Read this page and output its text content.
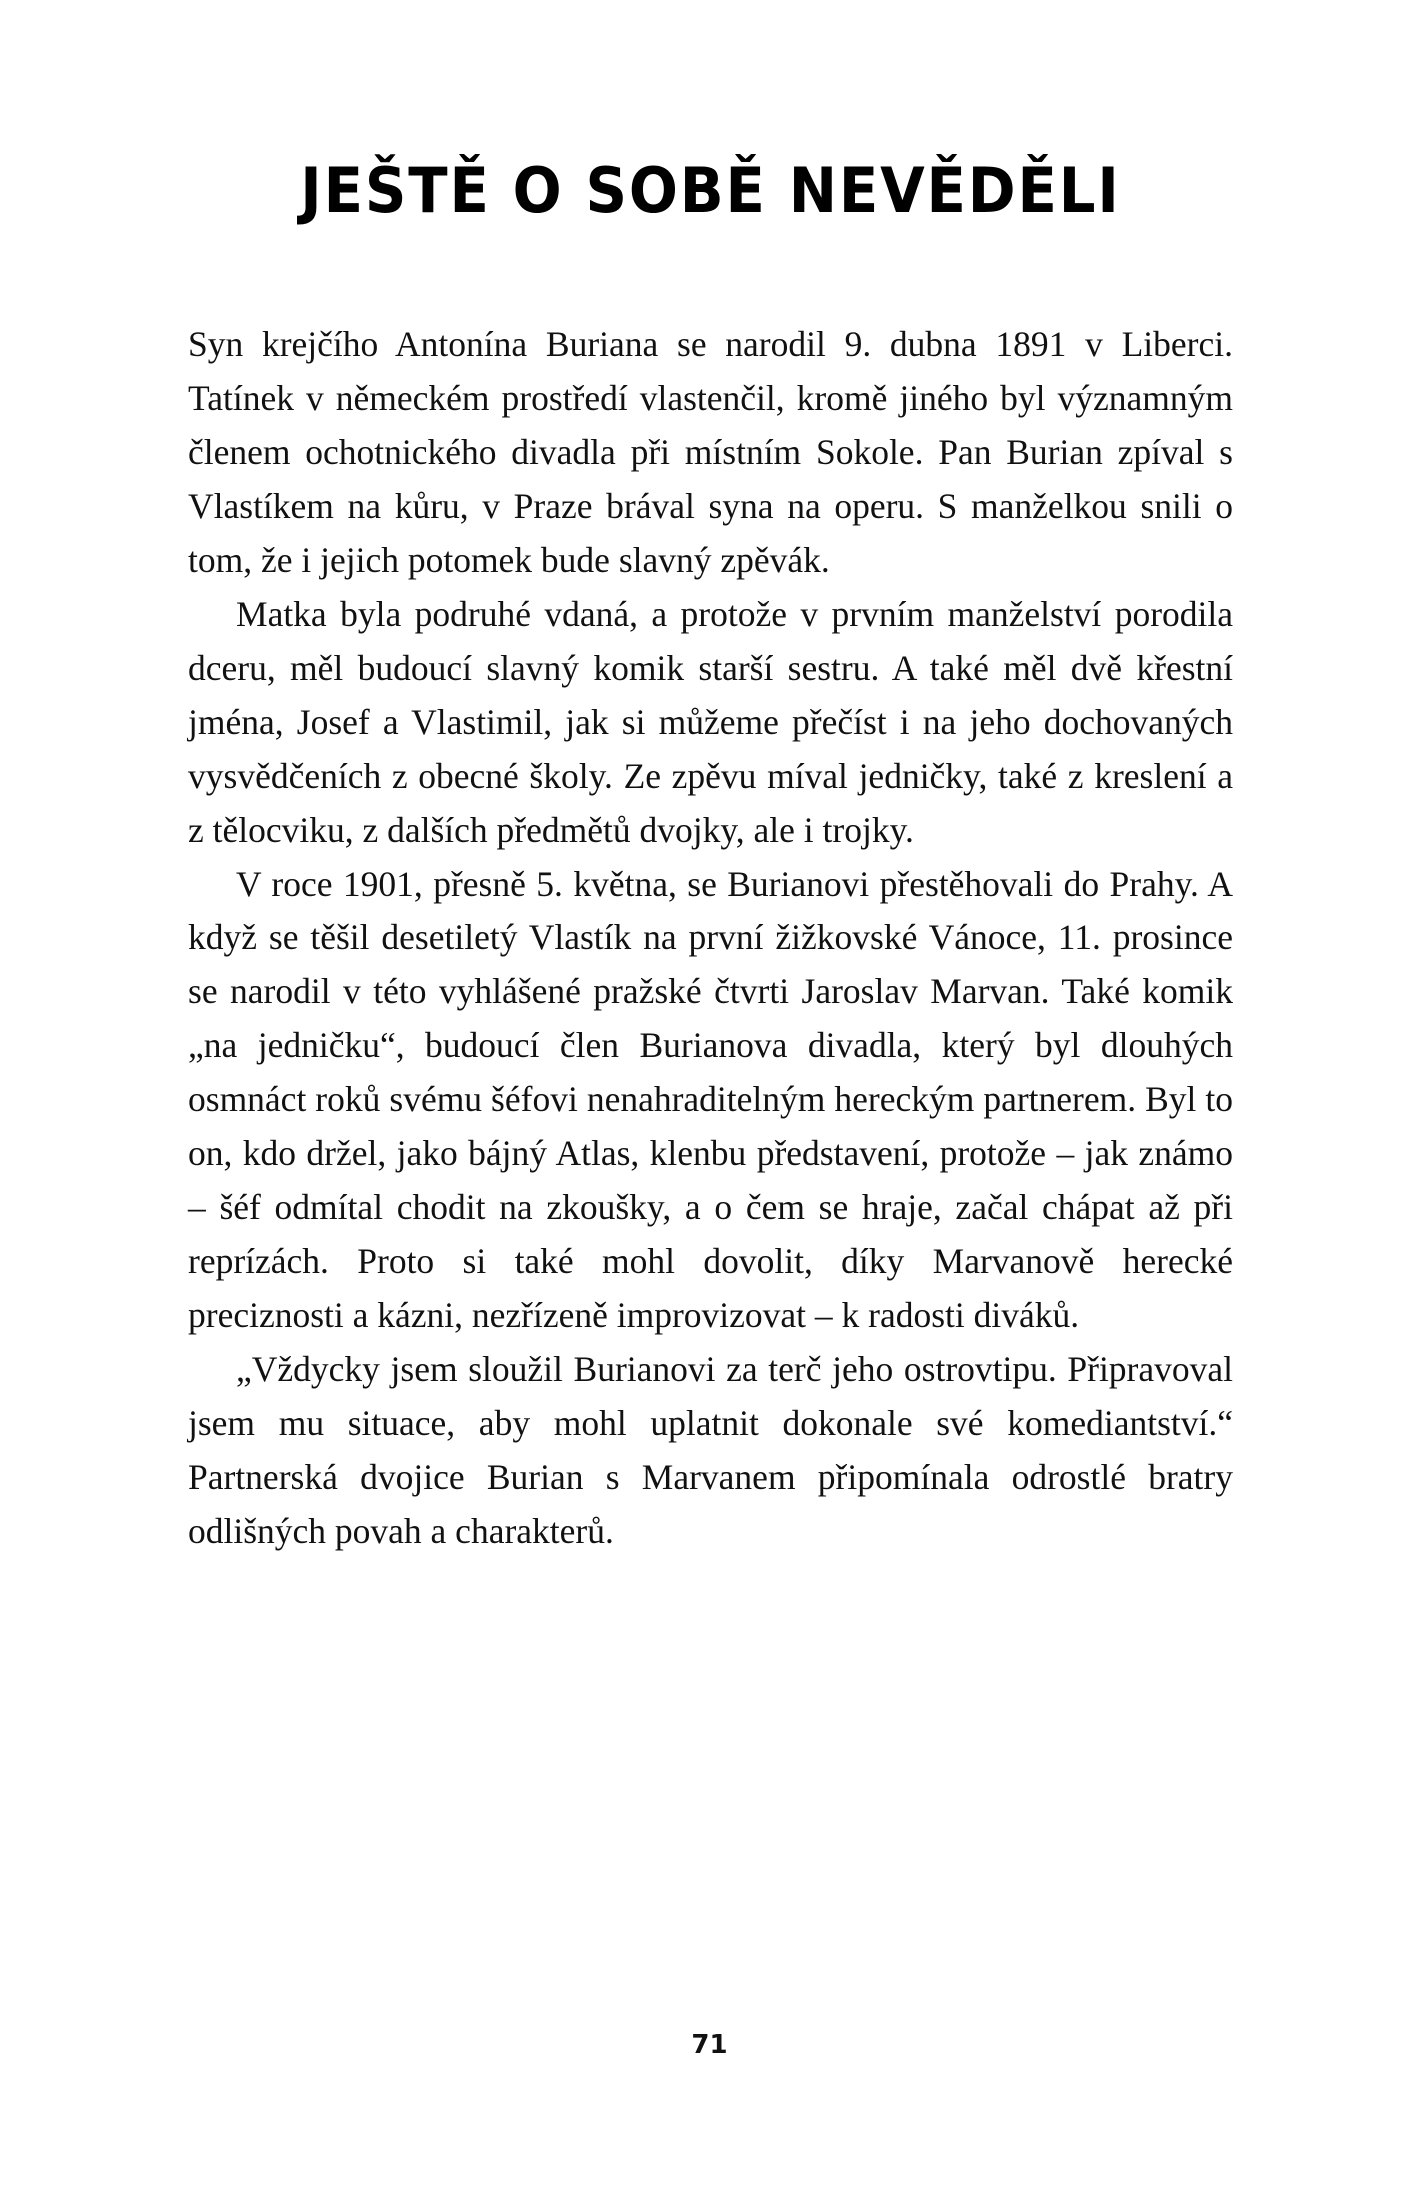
JEŠTĚ O SOBĚ NEVĚDĚLI

Syn krejčího Antonína Buriana se narodil 9. dubna 1891 v Liberci. Tatínek v německém prostředí vlastenčil, kromě jiného byl významným členem ochotnického divadla při místním Sokole. Pan Burian zpíval s Vlastíkem na kůru, v Praze brával syna na operu. S manželkou snili o tom, že i jejich potomek bude slavný zpěvák.

Matka byla podruhé vdaná, a protože v prvním manželství porodila dceru, měl budoucí slavný komik starší sestru. A také měl dvě křestní jména, Josef a Vlastimil, jak si můžeme přečíst i na jeho dochovaných vysvědčeních z obecné školy. Ze zpěvu míval jedničky, také z kreslení a z tělocviku, z dalších předmětů dvojky, ale i trojky.

V roce 1901, přesně 5. května, se Burianovi přestěhovali do Prahy. A když se těšil desetiletý Vlastík na první žižkovské Vánoce, 11. prosince se narodil v této vyhlášené pražské čtvrti Jaroslav Marvan. Také komik „na jedničku“, budoucí člen Burianova divadla, který byl dlouhých osmnáct roků svému šéfovi nenahraditelným hereckým partnerem. Byl to on, kdo držel, jako bájný Atlas, klenbu představení, protože – jak známo – šéf odmítal chodit na zkoušky, a o čem se hraje, začal chápat až při reprízách. Proto si také mohl dovolit, díky Marvanově herecké preciznosti a kázni, nezřízeně improvizovat – k radosti diváků.

„Vždycky jsem sloužil Burianovi za terč jeho ostrovtipu. Připravoval jsem mu situace, aby mohl uplatnit dokonale své komediantství.“ Partnerská dvojice Burian s Marvanem připomínala odrostlé bratry odlišných povah a charakterů.

71
